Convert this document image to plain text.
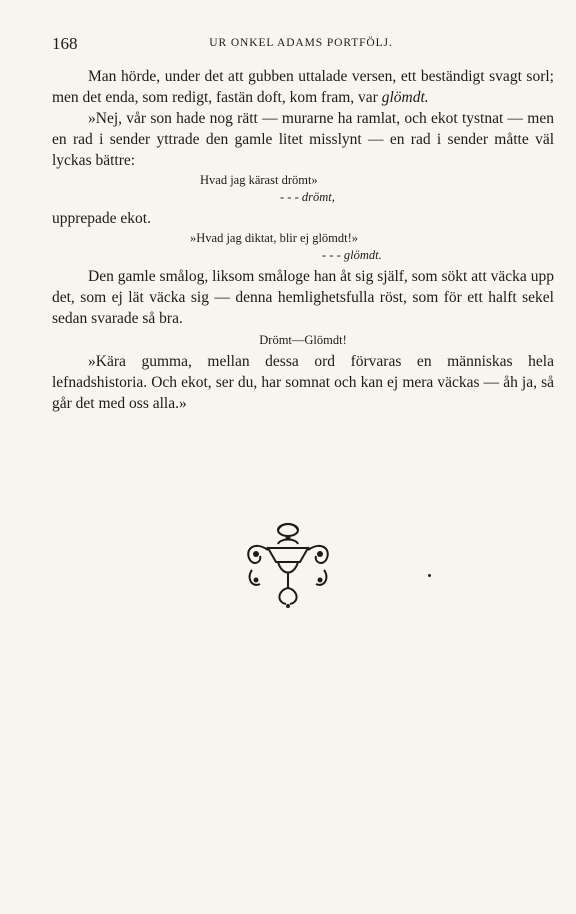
168	UR ONKEL ADAMS PORTFÖLJ.

Man hörde, under det att gubben uttalade versen, ett beständigt svagt sorl; men det enda, som redigt, fastän doft, kom fram, var glömdt.

»Nej, vår son hade nog rätt — murarne ha ramlat, och ekot tystnat — men en rad i sender yttrade den gamle litet misslynt — en rad i sender måtte väl lyckas bättre:

Hvad jag kärast drömt»
- - - drömt,

upprepade ekot.

»Hvad jag diktat, blir ej glömdt!»
- - - glömdt.

Den gamle smålog, liksom småloge han åt sig själf, som sökt att väcka upp det, som ej lät väcka sig — denna hemlighetsfulla röst, som för ett halft sekel sedan svarade så bra.

Drömt—Glömdt!

»Kära gumma, mellan dessa ord förvaras en människas hela lefnadshistoria. Och ekot, ser du, har somnat och kan ej mera väckas — åh ja, så går det med oss alla.»
